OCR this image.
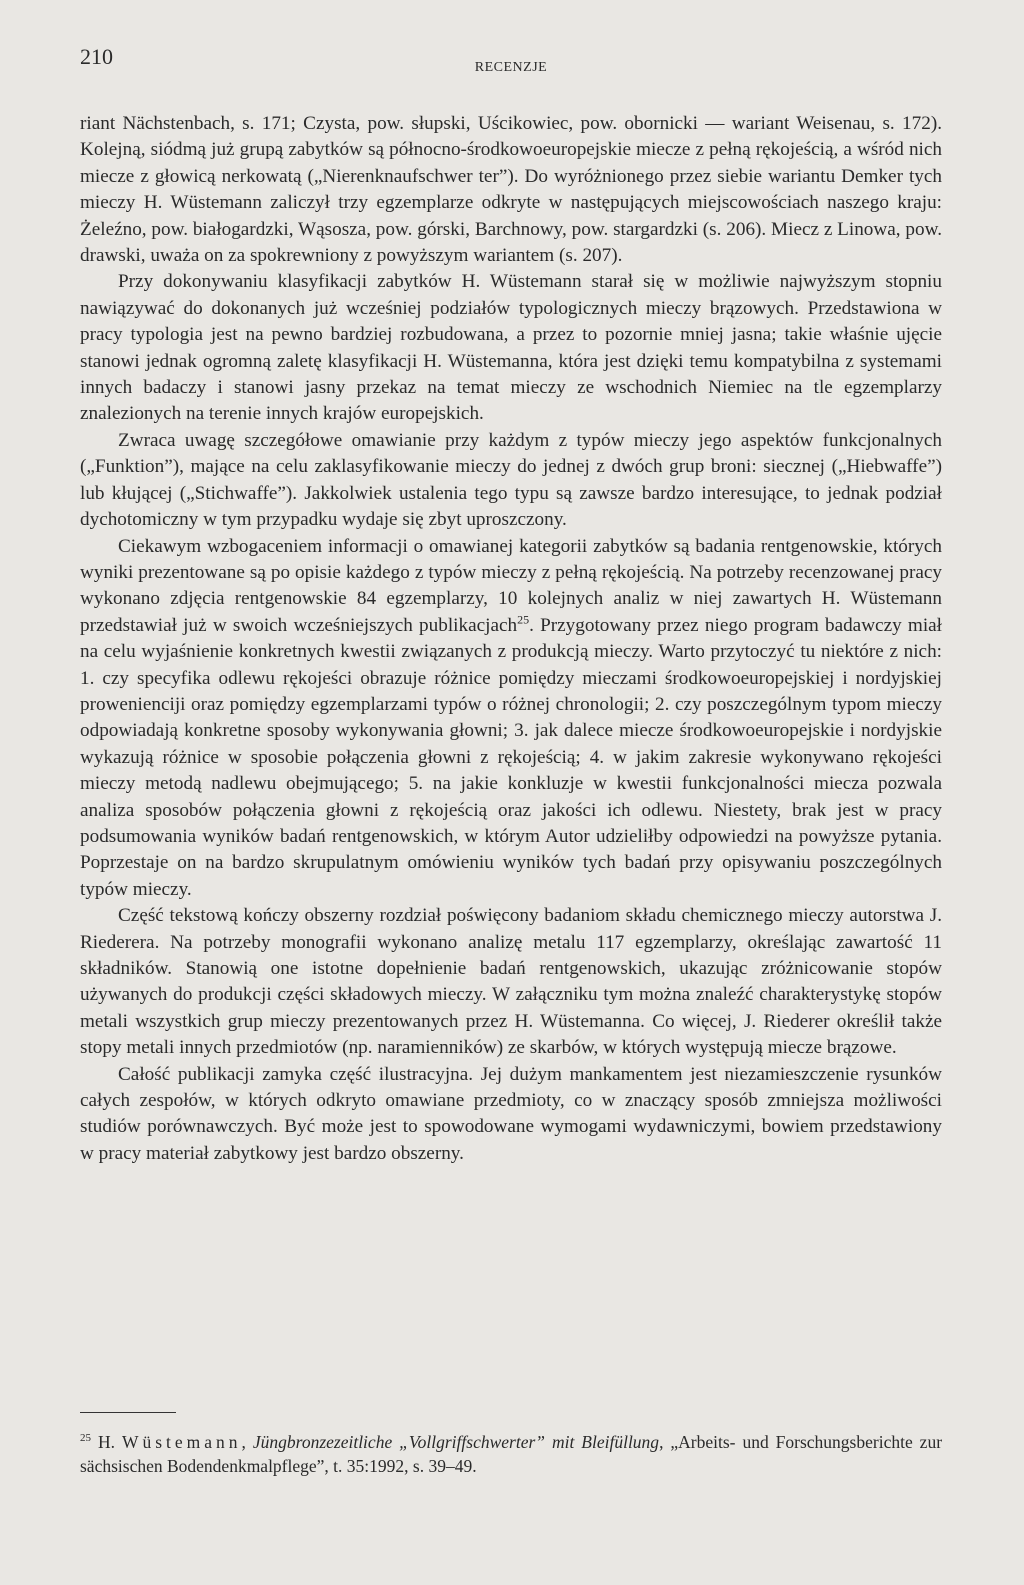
210	RECENZJE

riant Nächstenbach, s. 171; Czysta, pow. słupski, Uścikowiec, pow. obornicki — wariant Weisenau, s. 172). Kolejną, siódmą już grupą zabytków są północno-środkowoeuropejskie miecze z pełną rękojeścią, a wśród nich miecze z głowicą nerkowatą („Nierenknaufschwer ter”). Do wyróżnionego przez siebie wariantu Demker tych mieczy H. Wüstemann zaliczył trzy egzemplarze odkryte w następujących miejscowościach naszego kraju: Żeleźno, pow. białogardzki, Wąsosza, pow. górski, Barchnowy, pow. stargardzki (s. 206). Miecz z Linowa, pow. drawski, uważa on za spokrewniony z powyższym wariantem (s. 207).

Przy dokonywaniu klasyfikacji zabytków H. Wüstemann starał się w możliwie najwyższym stopniu nawiązywać do dokonanych już wcześniej podziałów typologicznych mieczy brązowych. Przedstawiona w pracy typologia jest na pewno bardziej rozbudowana, a przez to pozornie mniej jasna; takie właśnie ujęcie stanowi jednak ogromną zaletę klasyfikacji H. Wüstemanna, która jest dzięki temu kompatybilna z systemami innych badaczy i stanowi jasny przekaz na temat mieczy ze wschodnich Niemiec na tle egzemplarzy znalezionych na terenie innych krajów europejskich.

Zwraca uwagę szczegółowe omawianie przy każdym z typów mieczy jego aspektów funkcjonalnych („Funktion”), mające na celu zaklasyfikowanie mieczy do jednej z dwóch grup broni: siecznej („Hiebwaffe”) lub kłującej („Stichwaffe”). Jakkolwiek ustalenia tego typu są zawsze bardzo interesujące, to jednak podział dychotomiczny w tym przypadku wydaje się zbyt uproszczony.

Ciekawym wzbogaceniem informacji o omawianej kategorii zabytków są badania rentgenowskie, których wyniki prezentowane są po opisie każdego z typów mieczy z pełną rękojeścią. Na potrzeby recenzowanej pracy wykonano zdjęcia rentgenowskie 84 egzemplarzy, 10 kolejnych analiz w niej zawartych H. Wüstemann przedstawiał już w swoich wcześniejszych publikacjach$^{25}$. Przygotowany przez niego program badawczy miał na celu wyjaśnienie konkretnych kwestii związanych z produkcją mieczy. Warto przytoczyć tu niektóre z nich: 1. czy specyfika odlewu rękojeści obrazuje różnice pomiędzy mieczami środkowoeuropejskiej i nordyjskiej prowenienciji oraz pomiędzy egzemplarzami typów o różnej chronologii; 2. czy poszczególnym typom mieczy odpowiadają konkretne sposoby wykonywania głowni; 3. jak dalece miecze środkowoeuropejskie i nordyjskie wykazują różnice w sposobie połączenia głowni z rękojeścią; 4. w jakim zakresie wykonywano rękojeści mieczy metodą nadlewu obejmującego; 5. na jakie konkluzje w kwestii funkcjonalności miecza pozwala analiza sposobów połączenia głowni z rękojeścią oraz jakości ich odlewu. Niestety, brak jest w pracy podsumowania wyników badań rentgenowskich, w którym Autor udzieliłby odpowiedzi na powyższe pytania. Poprzestaje on na bardzo skrupulatnym omówieniu wyników tych badań przy opisywaniu poszczególnych typów mieczy.

Część tekstową kończy obszerny rozdział poświęcony badaniom składu chemicznego mieczy autorstwa J. Riederera. Na potrzeby monografii wykonano analizę metalu 117 egzemplarzy, określając zawartość 11 składników. Stanowią one istotne dopełnienie badań rentgenowskich, ukazując zróżnicowanie stopów używanych do produkcji części składowych mieczy. W załączniku tym można znaleźć charakterystykę stopów metali wszystkich grup mieczy prezentowanych przez H. Wüstemanna. Co więcej, J. Riederer określił także stopy metali innych przedmiotów (np. naramienników) ze skarbów, w których występują miecze brązowe.

Całość publikacji zamyka część ilustracyjna. Jej dużym mankamentem jest niezamieszczenie rysunków całych zespołów, w których odkryto omawiane przedmioty, co w znaczący sposób zmniejsza możliwości studiów porównawczych. Być może jest to spowodowane wymogami wydawniczymi, bowiem przedstawiony w pracy materiał zabytkowy jest bardzo obszerny.

$^{25}$ H. Wüstemann, Jüngbronzezeitliche „Vollgriffschwerter” mit Bleifüllung, „Arbeits- und Forschungsberichte zur sächsischen Bodendenkmalpflege”, t. 35:1992, s. 39–49.
